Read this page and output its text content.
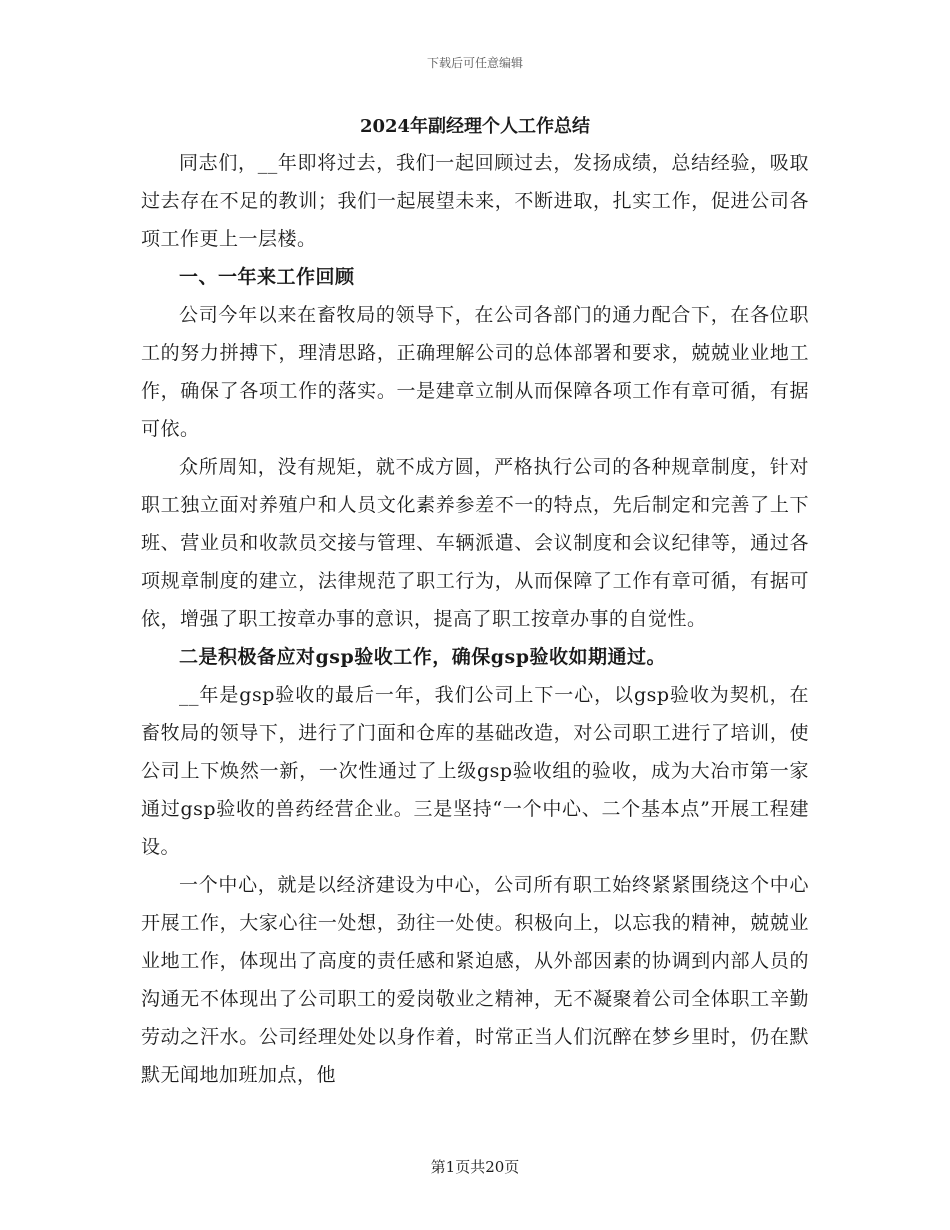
下载后可任意编辑
2024年副经理个人工作总结

同志们，__年即将过去，我们一起回顾过去，发扬成绩，总结经验，吸取过去存在不足的教训；我们一起展望未来，不断进取，扎实工作，促进公司各项工作更上一层楼。

一、一年来工作回顾

公司今年以来在畜牧局的领导下，在公司各部门的通力配合下，在各位职工的努力拼搏下，理清思路，正确理解公司的总体部署和要求，兢兢业业地工作，确保了各项工作的落实。一是建章立制从而保障各项工作有章可循，有据可依。

众所周知，没有规矩，就不成方圆，严格执行公司的各种规章制度，针对职工独立面对养殖户和人员文化素养参差不一的特点，先后制定和完善了上下班、营业员和收款员交接与管理、车辆派遣、会议制度和会议纪律等，通过各项规章制度的建立，法律规范了职工行为，从而保障了工作有章可循，有据可依，增强了职工按章办事的意识，提高了职工按章办事的自觉性。

二是积极备应对gsp验收工作，确保gsp验收如期通过。

__年是gsp验收的最后一年，我们公司上下一心，以gsp验收为契机，在畜牧局的领导下，进行了门面和仓库的基础改造，对公司职工进行了培训，使公司上下焕然一新，一次性通过了上级gsp验收组的验收，成为大冶市第一家通过gsp验收的兽药经营企业。三是坚持“一个中心、二个基本点”开展工程建设。

一个中心，就是以经济建设为中心，公司所有职工始终紧紧围绕这个中心开展工作，大家心往一处想，劲往一处使。积极向上，以忘我的精神，兢兢业业地工作，体现出了高度的责任感和紧迫感，从外部因素的协调到内部人员的沟通无不体现出了公司职工的爱岗敬业之精神，无不凝聚着公司全体职工辛勤劳动之汗水。公司经理处处以身作着，时常正当人们沉醉在梦乡里时，仍在默默无闻地加班加点，他

第1页共20页
